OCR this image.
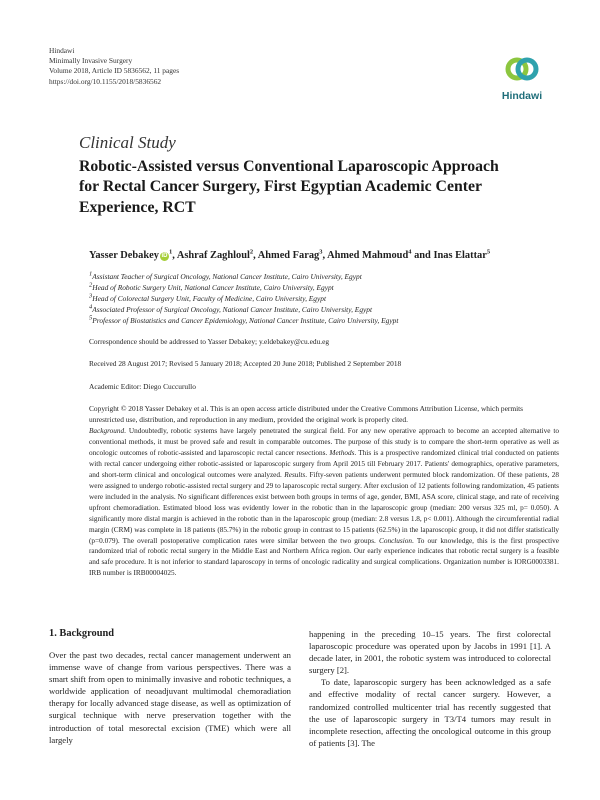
Hindawi
Minimally Invasive Surgery
Volume 2018, Article ID 5836562, 11 pages
https://doi.org/10.1155/2018/5836562
Hindawi
Clinical Study
Robotic-Assisted versus Conventional Laparoscopic Approach for Rectal Cancer Surgery, First Egyptian Academic Center Experience, RCT
Yasser Debakey $iD^1$, Ashraf Zaghloul$^2$, Ahmed Farag$^3$, Ahmed Mahmoud$^4$ and Inas Elattar$^5$
$^1$Assistant Teacher of Surgical Oncology, National Cancer Institute, Cairo University, Egypt
$^2$Head of Robotic Surgery Unit, National Cancer Institute, Cairo University, Egypt
$^3$Head of Colorectal Surgery Unit, Faculty of Medicine, Cairo University, Egypt
$^4$Associated Professor of Surgical Oncology, National Cancer Institute, Cairo University, Egypt
$^5$Professor of Biostatistics and Cancer Epidemiology, National Cancer Institute, Cairo University, Egypt
Correspondence should be addressed to Yasser Debakey; y.eldebakey@cu.edu.eg
Received 28 August 2017; Revised 5 January 2018; Accepted 20 June 2018; Published 2 September 2018
Academic Editor: Diego Cuccurullo
Copyright © 2018 Yasser Debakey et al. This is an open access article distributed under the Creative Commons Attribution License, which permits unrestricted use, distribution, and reproduction in any medium, provided the original work is properly cited.
Background. Undoubtedly, robotic systems have largely penetrated the surgical field. For any new operative approach to become an accepted alternative to conventional methods, it must be proved safe and result in comparable outcomes. The purpose of this study is to compare the short-term operative as well as oncologic outcomes of robotic-assisted and laparoscopic rectal cancer resections. Methods. This is a prospective randomized clinical trial conducted on patients with rectal cancer undergoing either robotic-assisted or laparoscopic surgery from April 2015 till February 2017. Patients' demographics, operative parameters, and short-term clinical and oncological outcomes were analyzed. Results. Fifty-seven patients underwent permuted block randomization. Of these patients, 28 were assigned to undergo robotic-assisted rectal surgery and 29 to laparoscopic rectal surgery. After exclusion of 12 patients following randomization, 45 patients were included in the analysis. No significant differences exist between both groups in terms of age, gender, BMI, ASA score, clinical stage, and rate of receiving upfront chemoradiation. Estimated blood loss was evidently lower in the robotic than in the laparoscopic group (median: 200 versus 325 ml, p= 0.050). A significantly more distal margin is achieved in the robotic than in the laparoscopic group (median: 2.8 versus 1.8, p< 0.001). Although the circumferential radial margin (CRM) was complete in 18 patients (85.7%) in the robotic group in contrast to 15 patients (62.5%) in the laparoscopic group, it did not differ statistically (p=0.079). The overall postoperative complication rates were similar between the two groups. Conclusion. To our knowledge, this is the first prospective randomized trial of robotic rectal surgery in the Middle East and Northern Africa region. Our early experience indicates that robotic rectal surgery is a feasible and safe procedure. It is not inferior to standard laparoscopy in terms of oncologic radicality and surgical complications. Organization number is IORG0003381. IRB number is IRB00004025.
1. Background

Over the past two decades, rectal cancer management underwent an immense wave of change from various perspectives. There was a smart shift from open to minimally invasive and robotic techniques, a worldwide application of neoadjuvant multimodal chemoradiation therapy for locally advanced stage disease, as well as optimization of surgical technique with nerve preservation together with the introduction of total mesorectal excision (TME) which were all largely

happening in the preceding 10–15 years. The first colorectal laparoscopic procedure was operated upon by Jacobs in 1991 [1]. A decade later, in 2001, the robotic system was introduced to colorectal surgery [2].

To date, laparoscopic surgery has been acknowledged as a safe and effective modality of rectal cancer surgery. However, a randomized controlled multicenter trial has recently suggested that the use of laparoscopic surgery in T3/T4 tumors may result in incomplete resection, affecting the oncological outcome in this group of patients [3]. The
